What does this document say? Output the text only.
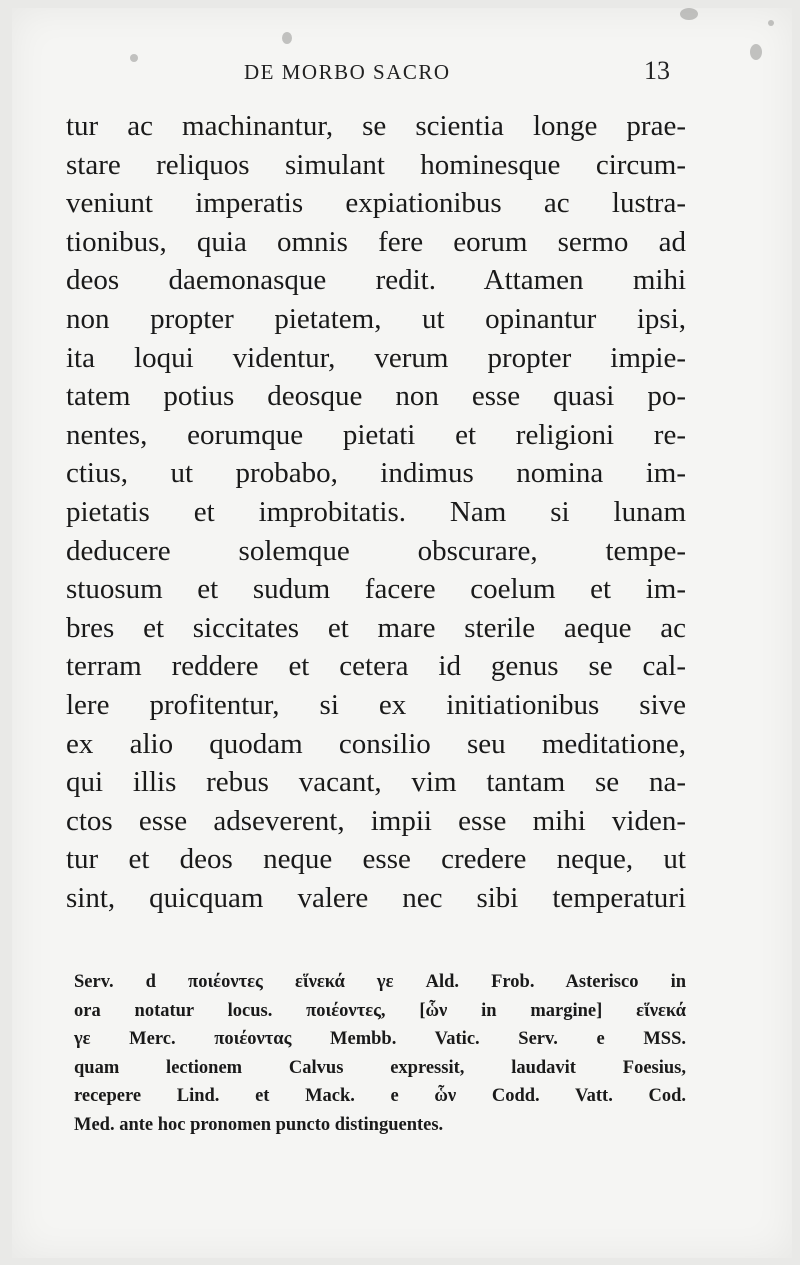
DE MORBO SACRO	13
tur ac machinantur, se scientia longe prae-
stare reliquos simulant hominesque circum-
veniunt imperatis expiationibus ac lustra-
tionibus, quia omnis fere eorum sermo ad
deos daemonasque redit. Attamen mihi
non propter pietatem, ut opinantur ipsi,
ita loqui videntur, verum propter impie-
tatem potius deosque non esse quasi po-
nentes, eorumque pietati et religioni re-
ctius, ut probabo, indimus nomina im-
pietatis et improbitatis. Nam si lunam
deducere solemque obscurare, tempe-
stuosum et sudum facere coelum et im-
bres et siccitates et mare sterile aeque ac
terram reddere et cetera id genus se cal-
lere profitentur, si ex initiationibus sive
ex alio quodam consilio seu meditatione,
qui illis rebus vacant, vim tantam se na-
ctos esse adseverent, impii esse mihi viden-
tur et deos neque esse credere neque, ut
sint, quicquam valere nec sibi temperaturi
Serv. d ποιέοντες εἵνεκά γε Ald. Frob. Asterisco in
ora notatur locus. ποιέοντες, [ὧν in margine] εἵνεκά
γε Merc. ποιέοντας Membb. Vatic. Serv. e MSS.
quam lectionem Calvus expressit, laudavit Foesius,
recepere Lind. et Mack. e ὧν Codd. Vatt. Cod.
Med. ante hoc pronomen puncto distinguentes.
